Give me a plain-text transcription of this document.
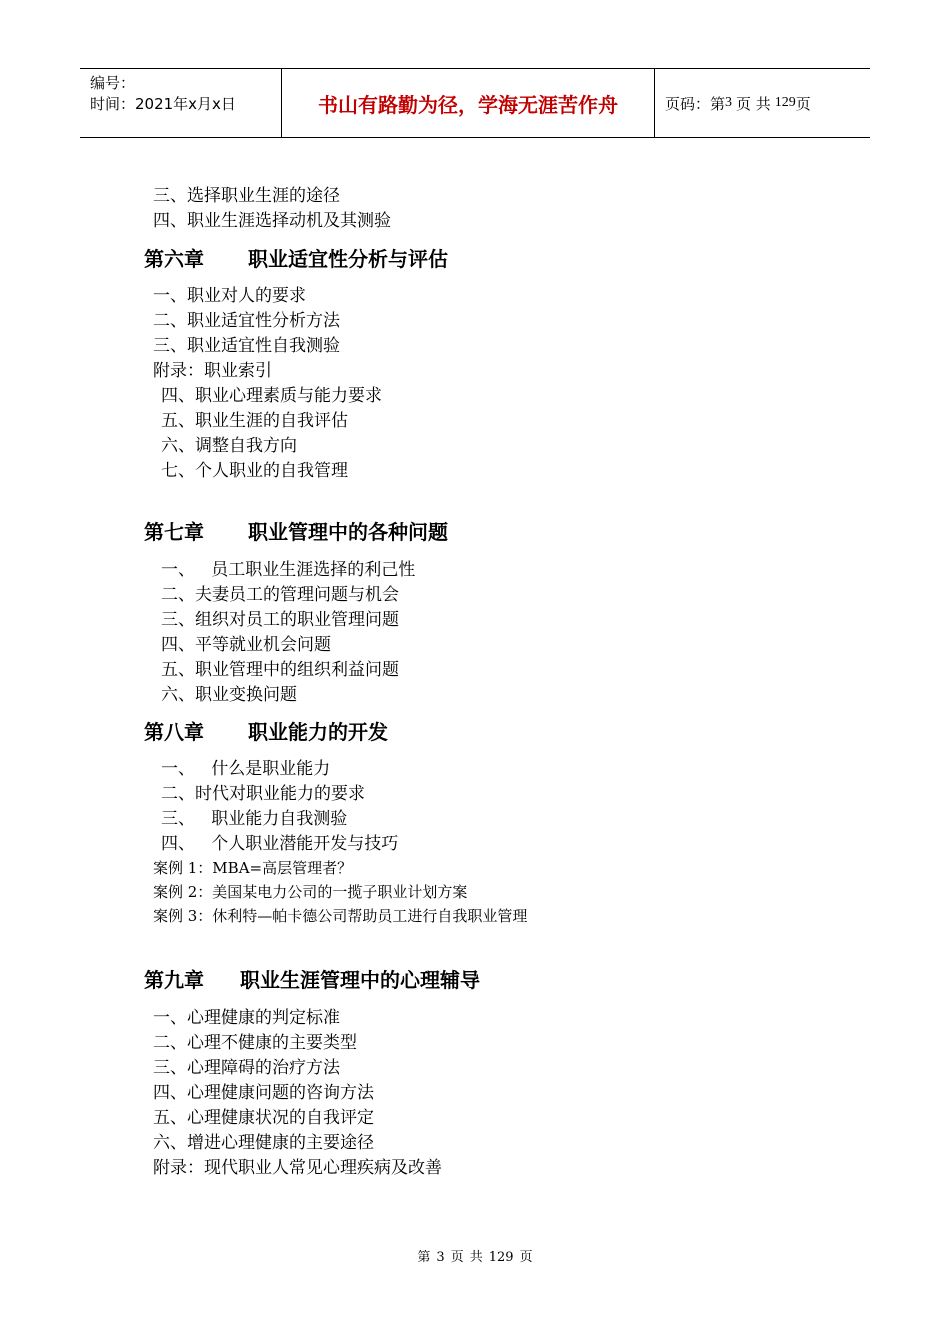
编号：
时间：2021年x月x日	书山有路勤为径，学海无涯苦作舟	页码：第 3 页 共 129 页
三、选择职业生涯的途径
四、职业生涯选择动机及其测验
第六章 职业适宜性分析与评估
一、职业对人的要求
二、职业适宜性分析方法
三、职业适宜性自我测验
附录：职业索引
四、职业心理素质与能力要求
五、职业生涯的自我评估
六、调整自我方向
七、个人职业的自我管理
第七章 职业管理中的各种问题
一、   员工职业生涯选择的利己性
二、夫妻员工的管理问题与机会
三、组织对员工的职业管理问题
四、平等就业机会问题
五、职业管理中的组织利益问题
六、职业变换问题
第八章 职业能力的开发
一、   什么是职业能力
二、时代对职业能力的要求
三、   职业能力自我测验
四、   个人职业潜能开发与技巧
案例 1：MBA=高层管理者？
案例 2：美国某电力公司的一揽子职业计划方案
案例 3：休利特—帕卡德公司帮助员工进行自我职业管理
第九章 职业生涯管理中的心理辅导
一、心理健康的判定标准
二、心理不健康的主要类型
三、心理障碍的治疗方法
四、心理健康问题的咨询方法
五、心理健康状况的自我评定
六、增进心理健康的主要途径
附录：现代职业人常见心理疾病及改善
第 3 页 共 129 页
